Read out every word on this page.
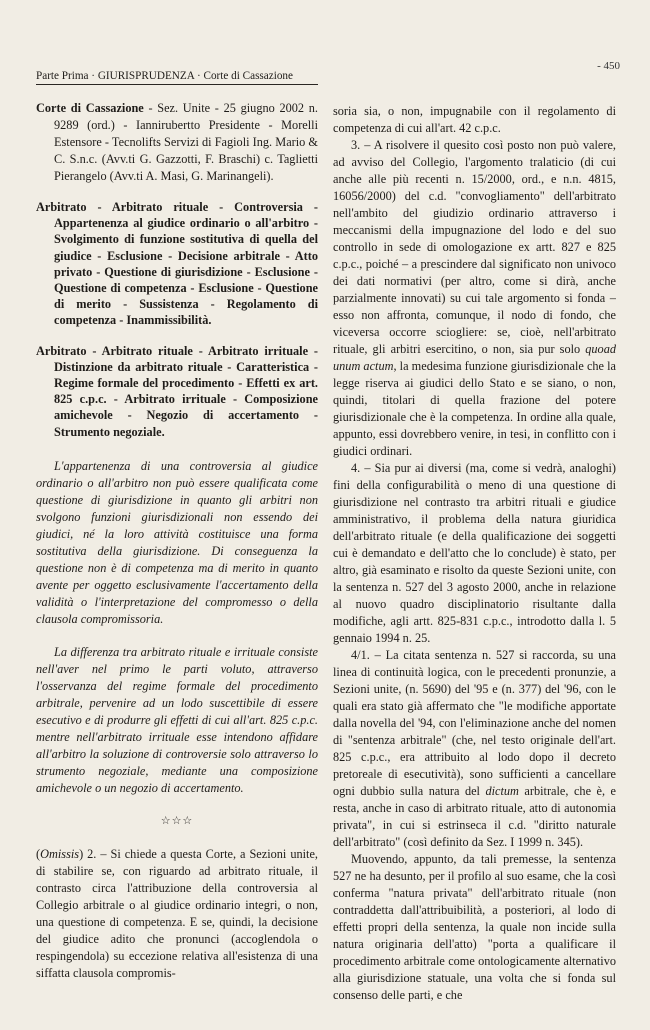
- 450
Parte Prima · GIURISPRUDENZA · Corte di Cassazione

Corte di Cassazione - Sez. Unite - 25 giugno 2002 n. 9289 (ord.) - Iannirubertto Presidente - Morelli Estensore - Tecnolifts Servizi di Fagioli Ing. Mario & C. S.n.c. (Avv.ti G. Gazzotti, F. Braschi) c. Taglietti Pierangelo (Avv.ti A. Masi, G. Marinangeli).

Arbitrato - Arbitrato rituale - Controversia - Appartenenza al giudice ordinario o all'arbitro - Svolgimento di funzione sostitutiva di quella del giudice - Esclusione - Decisione arbitrale - Atto privato - Questione di giurisdizione - Esclusione - Questione di competenza - Esclusione - Questione di merito - Sussistenza - Regolamento di competenza - Inammissibilità.

Arbitrato - Arbitrato rituale - Arbitrato irrituale - Distinzione da arbitrato rituale - Caratteristica - Regime formale del procedimento - Effetti ex art. 825 c.p.c. - Arbitrato irrituale - Composizione amichevole - Negozio di accertamento - Strumento negoziale.

L'appartenenza di una controversia al giudice ordinario o all'arbitro non può essere qualificata come questione di giurisdizione in quanto gli arbitri non svolgono funzioni giurisdizionali non essendo dei giudici, né la loro attività costituisce una forma sostitutiva della giurisdizione. Di conseguenza la questione non è di competenza ma di merito in quanto avente per oggetto esclusivamente l'accertamento della validità o l'interpretazione del compromesso o della clausola compromissoria.

La differenza tra arbitrato rituale e irrituale consiste nell'aver nel primo le parti voluto, attraverso l'osservanza del regime formale del procedimento arbitrale, pervenire ad un lodo suscettibile di essere esecutivo e di produrre gli effetti di cui all'art. 825 c.p.c. mentre nell'arbitrato irrituale esse intendono affidare all'arbitro la soluzione di controversie solo attraverso lo strumento negoziale, mediante una composizione amichevole o un negozio di accertamento.

☆☆☆

(Omissis) 2. – Si chiede a questa Corte, a Sezioni unite, di stabilire se, con riguardo ad arbitrato rituale, il contrasto circa l'attribuzione della controversia al Collegio arbitrale o al giudice ordinario integri, o non, una questione di competenza. E se, quindi, la decisione del giudice adito che pronunci (accoglendola o respingendola) su eccezione relativa all'esistenza di una siffatta clausola compromis-

soria sia, o non, impugnabile con il regolamento di competenza di cui all'art. 42 c.p.c.

3. – A risolvere il quesito così posto non può valere, ad avviso del Collegio, l'argomento tralaticio (di cui anche alle più recenti n. 15/2000, ord., e n.n. 4815, 16056/2000) del c.d. "convogliamento" dell'arbitrato nell'ambito del giudizio ordinario attraverso i meccanismi della impugnazione del lodo e del suo controllo in sede di omologazione ex artt. 827 e 825 c.p.c., poiché – a prescindere dal significato non univoco dei dati normativi (per altro, come si dirà, anche parzialmente innovati) su cui tale argomento si fonda – esso non affronta, comunque, il nodo di fondo, che viceversa occorre sciogliere: se, cioè, nell'arbitrato rituale, gli arbitri esercitino, o non, sia pur solo quoad unum actum, la medesima funzione giurisdizionale che la legge riserva ai giudici dello Stato e se siano, o non, quindi, titolari di quella frazione del potere giurisdizionale che è la competenza. In ordine alla quale, appunto, essi dovrebbero venire, in tesi, in conflitto con i giudici ordinari.

4. – Sia pur ai diversi (ma, come si vedrà, analoghi) fini della configurabilità o meno di una questione di giurisdizione nel contrasto tra arbitri rituali e giudice amministrativo, il problema della natura giuridica dell'arbitrato rituale (e della qualificazione dei soggetti cui è demandato e dell'atto che lo conclude) è stato, per altro, già esaminato e risolto da queste Sezioni unite, con la sentenza n. 527 del 3 agosto 2000, anche in relazione al nuovo quadro disciplinatorio risultante dalla modifiche, agli artt. 825-831 c.p.c., introdotto dalla l. 5 gennaio 1994 n. 25.

4/1. – La citata sentenza n. 527 si raccorda, su una linea di continuità logica, con le precedenti pronunzie, a Sezioni unite, (n. 5690) del '95 e (n. 377) del '96, con le quali era stato già affermato che "le modifiche apportate dalla novella del '94, con l'eliminazione anche del nomen di "sentenza arbitrale" (che, nel testo originale dell'art. 825 c.p.c., era attribuito al lodo dopo il decreto pretoreale di esecutività), sono sufficienti a cancellare ogni dubbio sulla natura del dictum arbitrale, che è, e resta, anche in caso di arbitrato rituale, atto di autonomia privata", in cui si estrinseca il c.d. "diritto naturale dell'arbitrato" (così definito da Sez. I 1999 n. 345).

Muovendo, appunto, da tali premesse, la sentenza 527 ne ha desunto, per il profilo al suo esame, che la così conferma "natura privata" dell'arbitrato rituale (non contraddetta dall'attribuibilità, a posteriori, al lodo di effetti propri della sentenza, la quale non incide sulla natura originaria dell'atto) "porta a qualificare il procedimento arbitrale come ontologicamente alternativo alla giurisdizione statuale, una volta che si fonda sul consenso delle parti, e che
